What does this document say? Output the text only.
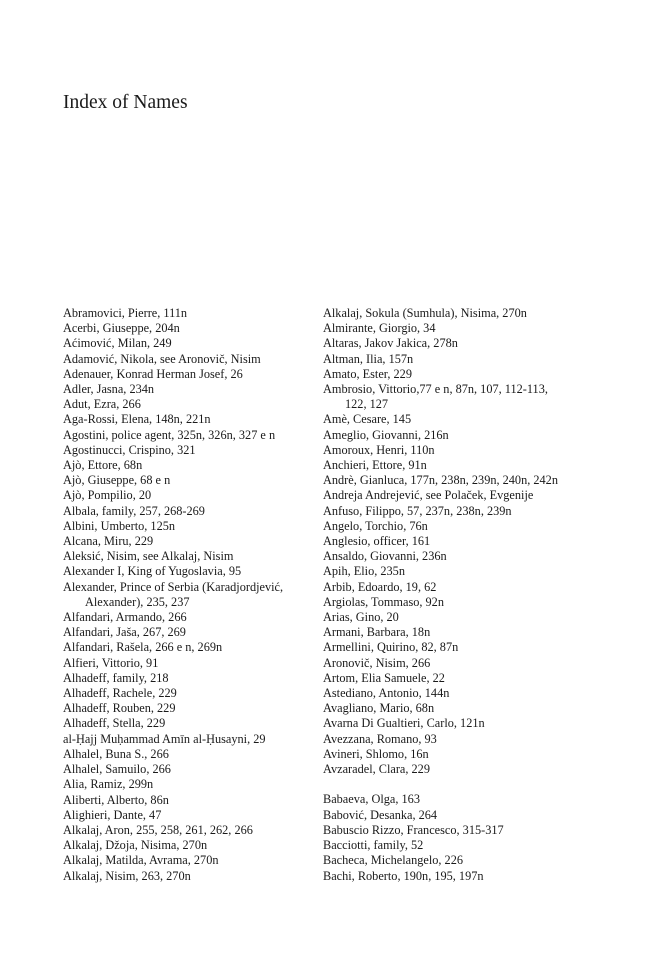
Index of Names
Abramovici, Pierre, 111n
Acerbi, Giuseppe, 204n
Aćimović, Milan, 249
Adamović, Nikola, see Aronovič, Nisim
Adenauer, Konrad Herman Josef, 26
Adler, Jasna, 234n
Adut, Ezra, 266
Aga-Rossi, Elena, 148n, 221n
Agostini, police agent, 325n, 326n, 327 e n
Agostinucci, Crispino, 321
Ajò, Ettore, 68n
Ajò, Giuseppe, 68 e n
Ajò, Pompilio, 20
Albala, family, 257, 268-269
Albini, Umberto, 125n
Alcana, Miru, 229
Aleksić, Nisim, see Alkalaj, Nisim
Alexander I, King of Yugoslavia, 95
Alexander, Prince of Serbia (Karadjordjević,
Alexander), 235, 237
Alfandari, Armando, 266
Alfandari, Jaša, 267, 269
Alfandari, Rašela, 266 e n, 269n
Alfieri, Vittorio, 91
Alhadeff, family, 218
Alhadeff, Rachele, 229
Alhadeff, Rouben, 229
Alhadeff, Stella, 229
al-Ḥajj Muḥammad Amīn al-Ḥusayni, 29
Alhalel, Buna S., 266
Alhalel, Samuilo, 266
Alia, Ramiz, 299n
Aliberti, Alberto, 86n
Alighieri, Dante, 47
Alkalaj, Aron, 255, 258, 261, 262, 266
Alkalaj, Džoja, Nisima, 270n
Alkalaj, Matilda, Avrama, 270n
Alkalaj, Nisim, 263, 270n
Alkalaj, Sokula (Sumhula), Nisima, 270n
Almirante, Giorgio, 34
Altaras, Jakov Jakica, 278n
Altman, Ilia, 157n
Amato, Ester, 229
Ambrosio, Vittorio,77 e n, 87n, 107, 112-113,
122, 127
Amè, Cesare, 145
Ameglio, Giovanni, 216n
Amoroux, Henri, 110n
Anchieri, Ettore, 91n
Andrè, Gianluca, 177n, 238n, 239n, 240n, 242n
Andreja Andrejević, see Polaček, Evgenije
Anfuso, Filippo, 57, 237n, 238n, 239n
Angelo, Torchio, 76n
Anglesio, officer, 161
Ansaldo, Giovanni, 236n
Apih, Elio, 235n
Arbib, Edoardo, 19, 62
Argiolas, Tommaso, 92n
Arias, Gino, 20
Armani, Barbara, 18n
Armellini, Quirino, 82, 87n
Aronovič, Nisim, 266
Artom, Elia Samuele, 22
Astediano, Antonio, 144n
Avagliano, Mario, 68n
Avarna Di Gualtieri, Carlo, 121n
Avezzana, Romano, 93
Avineri, Shlomo, 16n
Avzaradel, Clara, 229
Babaeva, Olga, 163
Babović, Desanka, 264
Babuscio Rizzo, Francesco, 315-317
Bacciotti, family, 52
Bacheca, Michelangelo, 226
Bachi, Roberto, 190n, 195, 197n
